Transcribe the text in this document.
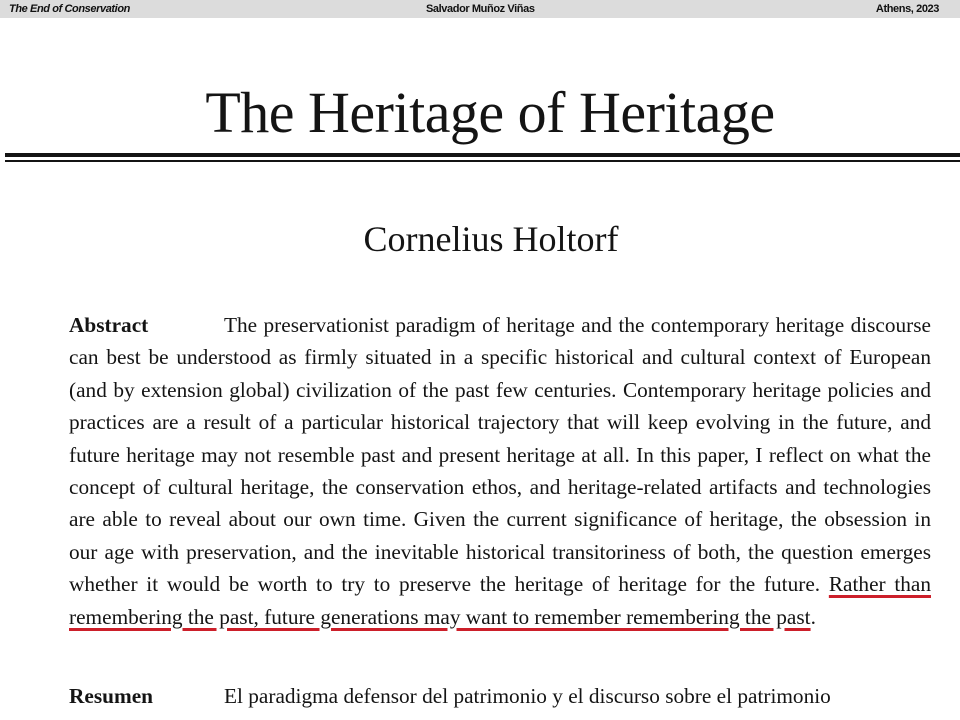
The End of Conservation	Salvador Muñoz Viñas	Athens, 2023
The Heritage of Heritage
Cornelius Holtorf
Abstract	The preservationist paradigm of heritage and the contemporary heritage discourse can best be understood as firmly situated in a specific historical and cultural context of European (and by extension global) civilization of the past few centuries. Contemporary heritage policies and practices are a result of a particular historical trajectory that will keep evolving in the future, and future heritage may not resemble past and present heritage at all. In this paper, I reflect on what the concept of cultural heritage, the conservation ethos, and heritage-related artifacts and technologies are able to reveal about our own time. Given the current significance of heritage, the obsession in our age with preservation, and the inevitable historical transitoriness of both, the question emerges whether it would be worth to try to preserve the heritage of heritage for the future. Rather than remembering the past, future generations may want to remember remembering the past.
Resumen	El paradigma defensor del patrimonio y el discurso sobre el patrimonio
